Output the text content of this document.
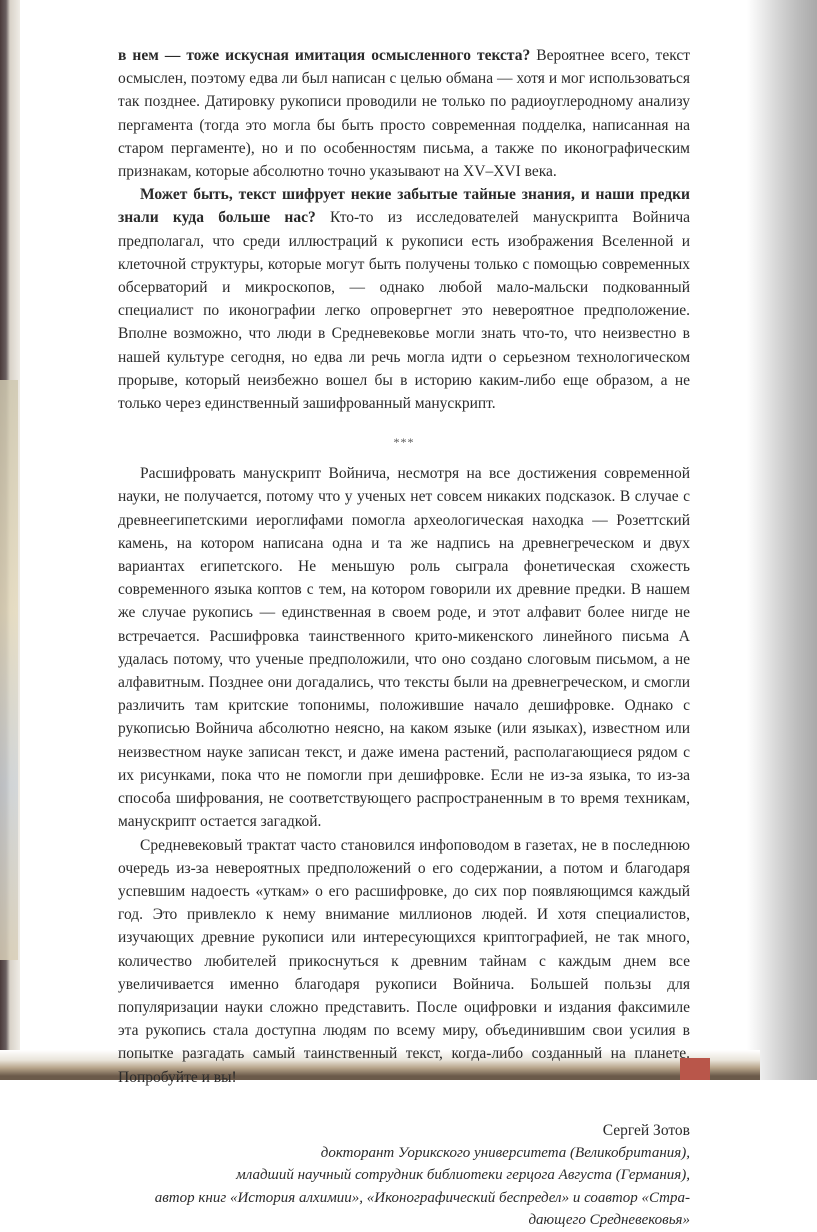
в нем — тоже искусная имитация осмысленного текста? Вероятнее всего, текст осмыслен, поэтому едва ли был написан с целью обмана — хотя и мог использоваться так позднее. Датировку рукописи проводили не только по радиоуглеродному анализу пергамента (тогда это могла бы быть просто современная подделка, написанная на старом пергаменте), но и по особенностям письма, а также по иконографическим признакам, которые абсолютно точно указывают на XV–XVI века.

Может быть, текст шифрует некие забытые тайные знания, и наши предки знали куда больше нас? Кто-то из исследователей манускрипта Войнича предполагал, что среди иллюстраций к рукописи есть изображения Вселенной и клеточной структуры, которые могут быть получены только с помощью современных обсерваторий и микроскопов, — однако любой мало-мальски подкованный специалист по иконографии легко опровергнет это невероятное предположение. Вполне возможно, что люди в Средневековье могли знать что-то, что неизвестно в нашей культуре сегодня, но едва ли речь могла идти о серьезном технологическом прорыве, который неизбежно вошел бы в историю каким-либо еще образом, а не только через единственный зашифрованный манускрипт.

***

Расшифровать манускрипт Войнича, несмотря на все достижения современной науки, не получается, потому что у ученых нет совсем никаких подсказок. В случае с древнеегипетскими иероглифами помогла археологическая находка — Розеттский камень, на котором написана одна и та же надпись на древнегреческом и двух вариантах египетского. Не меньшую роль сыграла фонетическая схожесть современного языка коптов с тем, на котором говорили их древние предки. В нашем же случае рукопись — единственная в своем роде, и этот алфавит более нигде не встречается. Расшифровка таинственного крито-микенского линейного письма А удалась потому, что ученые предположили, что оно создано слоговым письмом, а не алфавитным. Позднее они догадались, что тексты были на древнегреческом, и смогли различить там критские топонимы, положившие начало дешифровке. Однако с рукописью Войнича абсолютно неясно, на каком языке (или языках), известном или неизвестном науке записан текст, и даже имена растений, располагающиеся рядом с их рисунками, пока что не помогли при дешифровке. Если не из-за языка, то из-за способа шифрования, не соответствующего распространенным в то время техникам, манускрипт остается загадкой.

Средневековый трактат часто становился инфоповодом в газетах, не в последнюю очередь из-за невероятных предположений о его содержании, а потом и благодаря успевшим надоесть «уткам» о его расшифровке, до сих пор появляющимся каждый год. Это привлекло к нему внимание миллионов людей. И хотя специалистов, изучающих древние рукописи или интересующихся криптографией, не так много, количество любителей прикоснуться к древним тайнам с каждым днем все увеличивается именно благодаря рукописи Войнича. Большей пользы для популяризации науки сложно представить. После оцифровки и издания факсимиле эта рукопись стала доступна людям по всему миру, объединившим свои усилия в попытке разгадать самый таинственный текст, когда-либо созданный на планете. Попробуйте и вы!

Сергей Зотов
докторант Уорикского университета (Великобритания),
младший научный сотрудник библиотеки герцога Августа (Германия),
автор книг «История алхимии», «Иконографический беспредел» и соавтор «Стра-
дающего Средневековья»
